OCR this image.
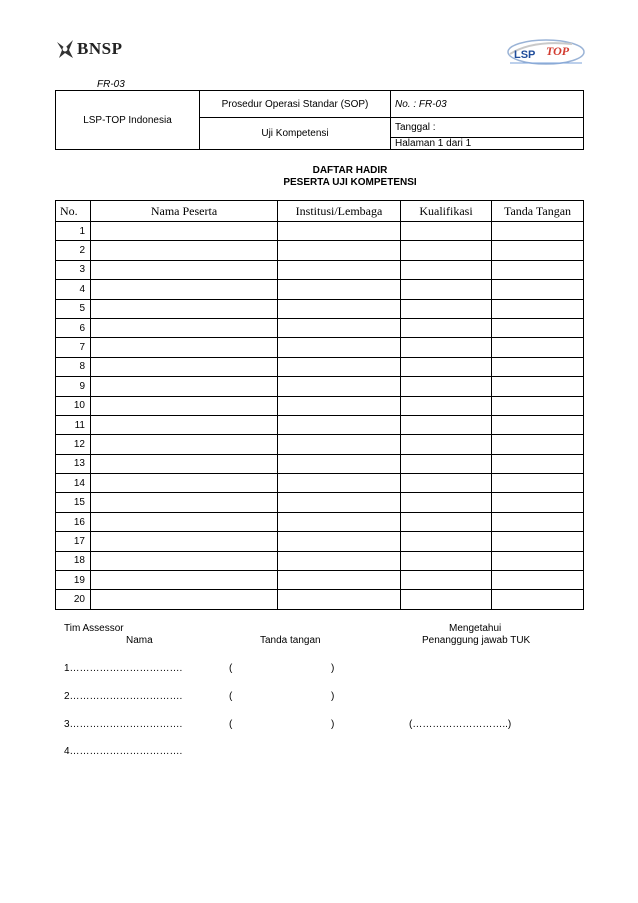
BNSP	LSP TOP
FR-03
LSP-TOP Indonesia	Prosedur Operasi Standar (SOP)	No. : FR-03
	Uji Kompetensi	Tanggal :
		Halaman 1 dari 1
DAFTAR HADIR
PESERTA UJI KOMPETENSI
No.	Nama Peserta	Institusi/Lembaga	Kualifikasi	Tanda Tangan
1				
2				
3				
4				
5				
6				
7				
8				
9				
10				
11				
12				
13				
14				
15				
16				
17				
18				
19				
20				
Tim Assessor
Nama	Tanda tangan
Mengetahui
Penanggung jawab TUK
1…………………………….	(	)
2…………………………….	(	)
3…………………………….	(	)	(………………………..)
4…………………………….
